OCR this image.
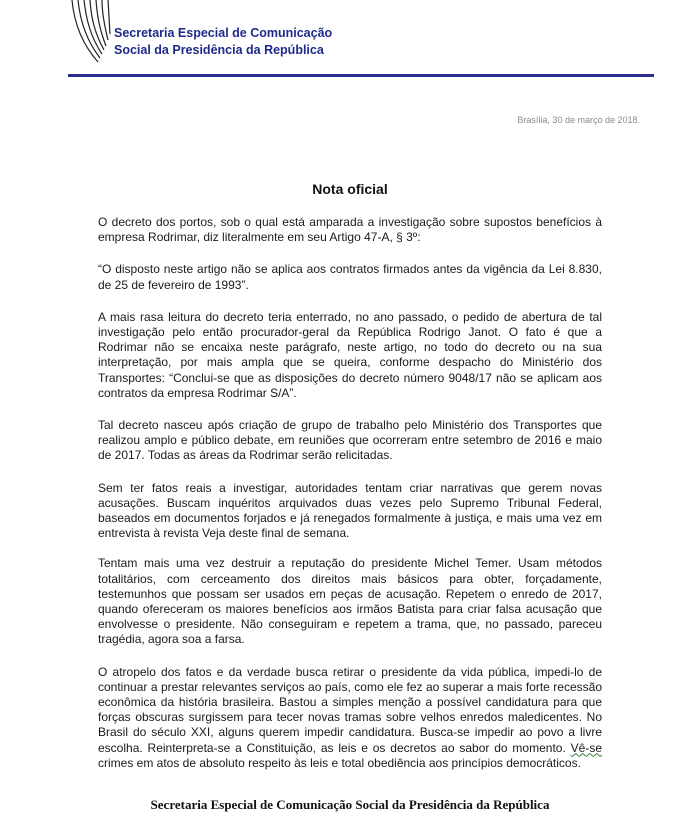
Secretaria Especial de Comunicação
Social da Presidência da República
Brasília, 30 de março de 2018.
Nota oficial

O decreto dos portos, sob o qual está amparada a investigação sobre supostos benefícios à empresa Rodrimar, diz literalmente em seu Artigo 47-A, § 3º:

“O disposto neste artigo não se aplica aos contratos firmados antes da vigência da Lei 8.830, de 25 de fevereiro de 1993”.

A mais rasa leitura do decreto teria enterrado, no ano passado, o pedido de abertura de tal investigação pelo então procurador-geral da República Rodrigo Janot. O fato é que a Rodrimar não se encaixa neste parágrafo, neste artigo, no todo do decreto ou na sua interpretação, por mais ampla que se queira, conforme despacho do Ministério dos Transportes: “Conclui-se que as disposições do decreto número 9048/17 não se aplicam aos contratos da empresa Rodrimar S/A”.

Tal decreto nasceu após criação de grupo de trabalho pelo Ministério dos Transportes que realizou amplo e público debate, em reuniões que ocorreram entre setembro de 2016 e maio de 2017. Todas as áreas da Rodrimar serão relicitadas.

Sem ter fatos reais a investigar, autoridades tentam criar narrativas que gerem novas acusações. Buscam inquéritos arquivados duas vezes pelo Supremo Tribunal Federal, baseados em documentos forjados e já renegados formalmente à justiça, e mais uma vez em entrevista à revista Veja deste final de semana.

Tentam mais uma vez destruir a reputação do presidente Michel Temer. Usam métodos totalitários, com cerceamento dos direitos mais básicos para obter, forçadamente, testemunhos que possam ser usados em peças de acusação. Repetem o enredo de 2017, quando ofereceram os maiores benefícios aos irmãos Batista para criar falsa acusação que envolvesse o presidente. Não conseguiram e repetem a trama, que, no passado, pareceu tragédia, agora soa a farsa.

O atropelo dos fatos e da verdade busca retirar o presidente da vida pública, impedi-lo de continuar a prestar relevantes serviços ao país, como ele fez ao superar a mais forte recessão econômica da história brasileira. Bastou a simples menção a possível candidatura para que forças obscuras surgissem para tecer novas tramas sobre velhos enredos maledicentes. No Brasil do século XXI, alguns querem impedir candidatura. Busca-se impedir ao povo a livre escolha. Reinterpreta-se a Constituição, as leis e os decretos ao sabor do momento. Vê-se crimes em atos de absoluto respeito às leis e total obediência aos princípios democráticos.

Secretaria Especial de Comunicação Social da Presidência da República
